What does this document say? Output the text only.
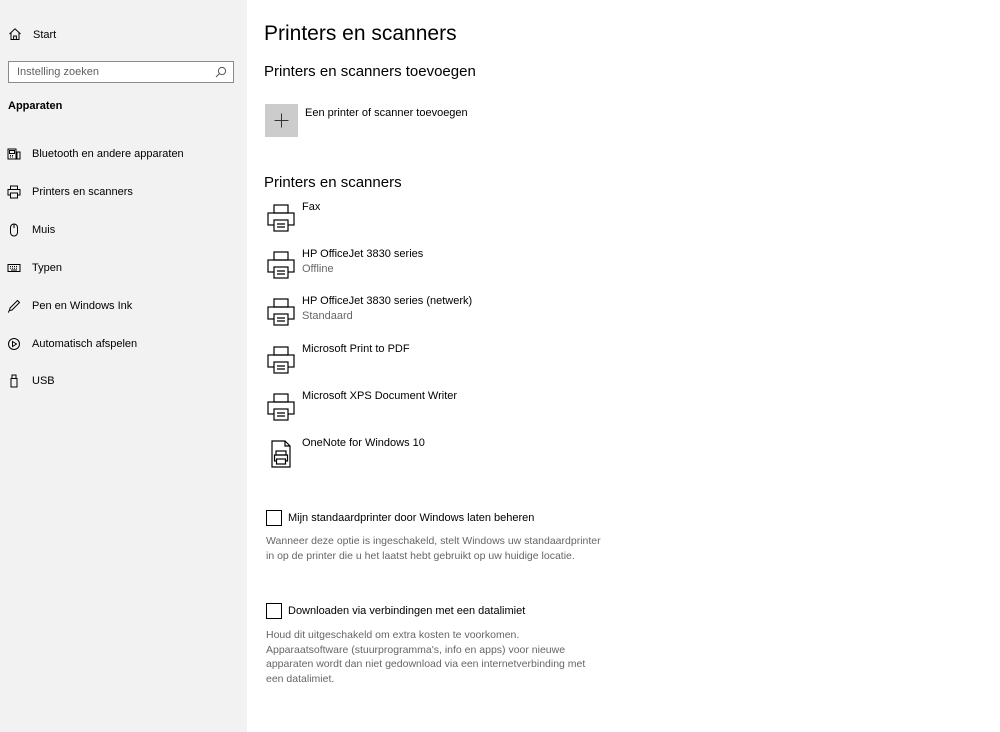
Start
Instelling zoeken
Apparaten
Bluetooth en andere apparaten
Printers en scanners
Muis
Typen
Pen en Windows Ink
Automatisch afspelen
USB
Printers en scanners
Printers en scanners toevoegen
Een printer of scanner toevoegen
Printers en scanners
Fax
HP OfficeJet 3830 series
Offline
HP OfficeJet 3830 series (netwerk)
Standaard
Microsoft Print to PDF
Microsoft XPS Document Writer
OneNote for Windows 10
Mijn standaardprinter door Windows laten beheren
Wanneer deze optie is ingeschakeld, stelt Windows uw standaardprinter
in op de printer die u het laatst hebt gebruikt op uw huidige locatie.
Downloaden via verbindingen met een datalimiet
Houd dit uitgeschakeld om extra kosten te voorkomen.
Apparaatsoftware (stuurprogramma's, info en apps) voor nieuwe
apparaten wordt dan niet gedownload via een internetverbinding met
een datalimiet.
